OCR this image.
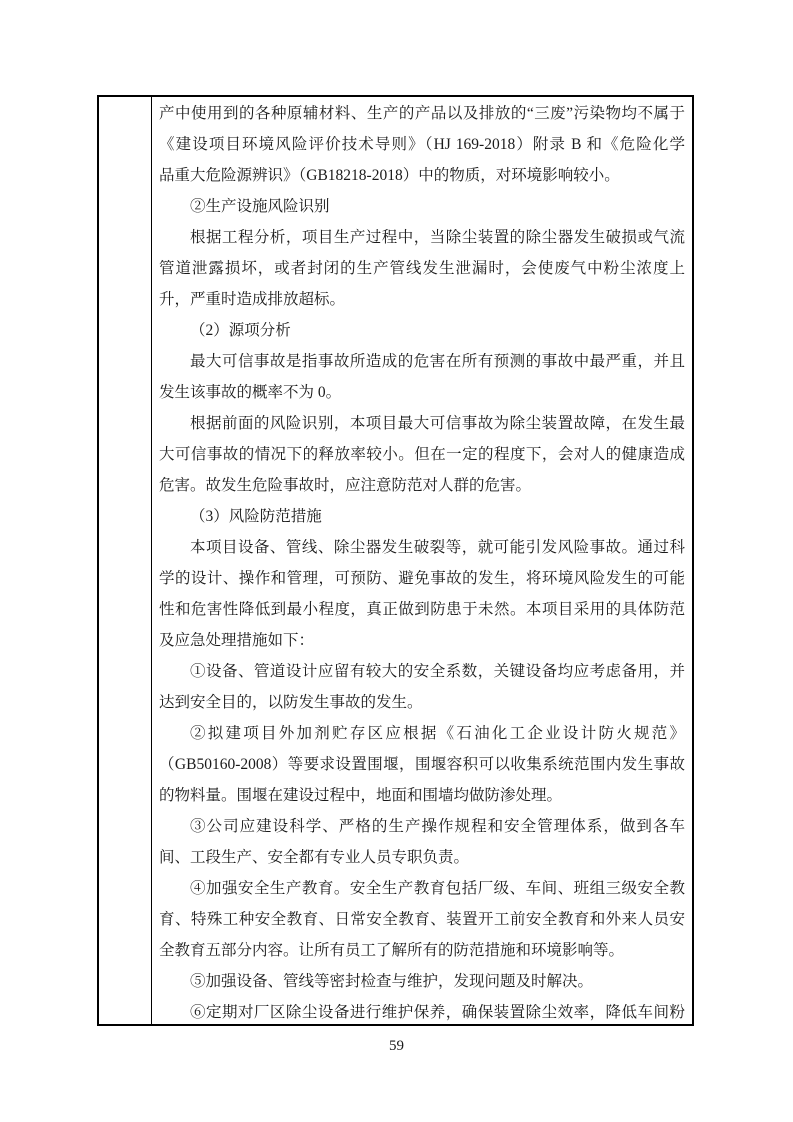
产中使用到的各种原辅材料、生产的产品以及排放的“三废”污染物均不属于
《建设项目环境风险评价技术导则》（HJ 169-2018）附录 B 和《危险化学
品重大危险源辨识》（GB18218-2018）中的物质，对环境影响较小。
②生产设施风险识别
根据工程分析，项目生产过程中，当除尘装置的除尘器发生破损或气流
管道泄露损坏，或者封闭的生产管线发生泄漏时，会使废气中粉尘浓度上
升，严重时造成排放超标。
（2）源项分析
最大可信事故是指事故所造成的危害在所有预测的事故中最严重，并且
发生该事故的概率不为 0。
根据前面的风险识别，本项目最大可信事故为除尘装置故障，在发生最
大可信事故的情况下的释放率较小。但在一定的程度下，会对人的健康造成
危害。故发生危险事故时，应注意防范对人群的危害。
（3）风险防范措施
本项目设备、管线、除尘器发生破裂等，就可能引发风险事故。通过科
学的设计、操作和管理，可预防、避免事故的发生，将环境风险发生的可能
性和危害性降低到最小程度，真正做到防患于未然。本项目采用的具体防范
及应急处理措施如下：
①设备、管道设计应留有较大的安全系数，关键设备均应考虑备用，并
达到安全目的，以防发生事故的发生。
②拟建项目外加剂贮存区应根据《石油化工企业设计防火规范》
（GB50160-2008）等要求设置围堰，围堰容积可以收集系统范围内发生事故
的物料量。围堰在建设过程中，地面和围墙均做防渗处理。
③公司应建设科学、严格的生产操作规程和安全管理体系，做到各车
间、工段生产、安全都有专业人员专职负责。
④加强安全生产教育。安全生产教育包括厂级、车间、班组三级安全教
育、特殊工种安全教育、日常安全教育、装置开工前安全教育和外来人员安
全教育五部分内容。让所有员工了解所有的防范措施和环境影响等。
⑤加强设备、管线等密封检查与维护，发现问题及时解决。
⑥定期对厂区除尘设备进行维护保养，确保装置除尘效率，降低车间粉
59
